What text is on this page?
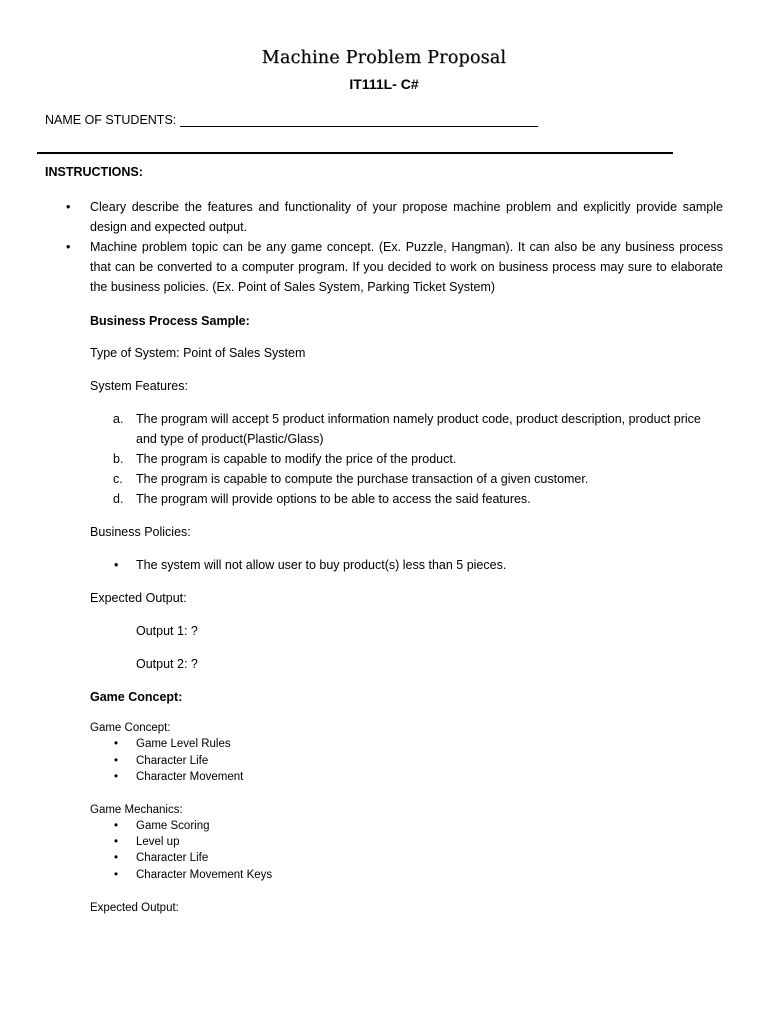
Machine Problem Proposal
IT111L- C#
NAME OF STUDENTS:
INSTRUCTIONS:
• Cleary describe the features and functionality of your propose machine problem and explicitly provide sample design and expected output.
• Machine problem topic can be any game concept. (Ex. Puzzle, Hangman). It can also be any business process that can be converted to a computer program. If you decided to work on business process may sure to elaborate the business policies. (Ex. Point of Sales System, Parking Ticket System)
Business Process Sample:
Type of System: Point of Sales System
System Features:
a. The program will accept 5 product information namely product code, product description, product price and type of product(Plastic/Glass)
b. The program is capable to modify the price of the product.
c. The program is capable to compute the purchase transaction of a given customer.
d. The program will provide options to be able to access the said features.
Business Policies:
• The system will not allow user to buy product(s) less than 5 pieces.
Expected Output:
Output 1: ?
Output 2: ?
Game Concept:
Game Concept:
• Game Level Rules
• Character Life
• Character Movement
Game Mechanics:
• Game Scoring
• Level up
• Character Life
• Character Movement Keys
Expected Output:
